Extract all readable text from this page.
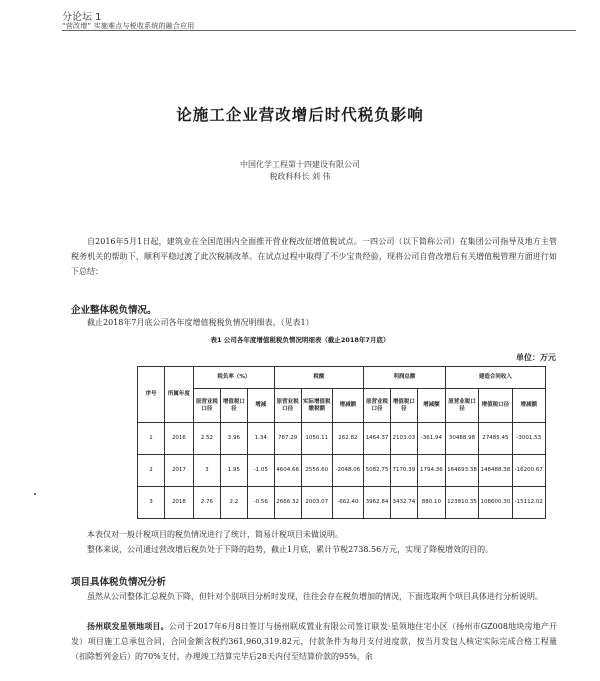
分论坛 1
“营改增” 实施难点与税收系统的融合应用
论施工企业营改增后时代税负影响
中国化学工程第十四建设有限公司
税政科科长 刘 伟
自2016年5月1日起，建筑业在全国范围内全面推开营业税改征增值税试点。一四公司（以下简称公司）在集团公司指导及地方主管税务机关的帮助下，顺利平稳过渡了此次税制改革。在试点过程中取得了不少宝贵经验，现将公司自营改增后有关增值税管理方面进行如下总结：
企业整体税负情况。
截止2018年7月底公司各年度增值税税负情况明细表。（见表1）
表1 公司各年度增值税税负情况明细表（截止2018年7月底）
单位：万元
序号	所属年度	税负率（%）			税额			利润总额			建造合同收入		
		原营业税口径	增值税口径	增减	原营业税口径	实际增值税缴税额	增减额	原营业税口径	增值税口径	增减额	原营业税口径	增值税口径	增减额
1	2016	2.52	3.96	1.34	787.29	1050.11	262.82	1464.37	2103.03	-361.94	30488.98	27485.45	-3001.53
2	2017	3	1.95	-1.05	4604.66	2556.60	-2048.06	5082.75	7170.39	1794.36	164693.38	148488.38	-16200.67
3	2018	2.76	2.2	-0.56	2666.32	2003.07	-662.40	3962.84	3432.74	880.10	123810.35	108600.30	-15112.02
本表仅对一般计税项目的税负情况进行了统计，简易计税项目未做说明。
整体来说，公司通过营改增后税负处于下降的趋势，截止1月底，累计节税2738.56万元，实现了降税增效的目的。
项目具体税负情况分析
虽然从公司整体汇总税负下降，但针对个别项目分析时发现，往往会存在税负增加的情况，下面选取两个项目具体进行分析说明。
扬州联发星领地项目。公司于2017年6月8日签订与扬州联成置业有限公司签订联发·星领地住宅小区（扬州市GZ008地块房地产开发）项目施工总承包合同，合同金额含税约361,960,319.82元，付款条件为每月支付进度款，按当月发包人核定实际完成合格工程量（扣除暂列金后）的70%支付，办理竣工结算完毕后28天内付至结算价款的95%，余
